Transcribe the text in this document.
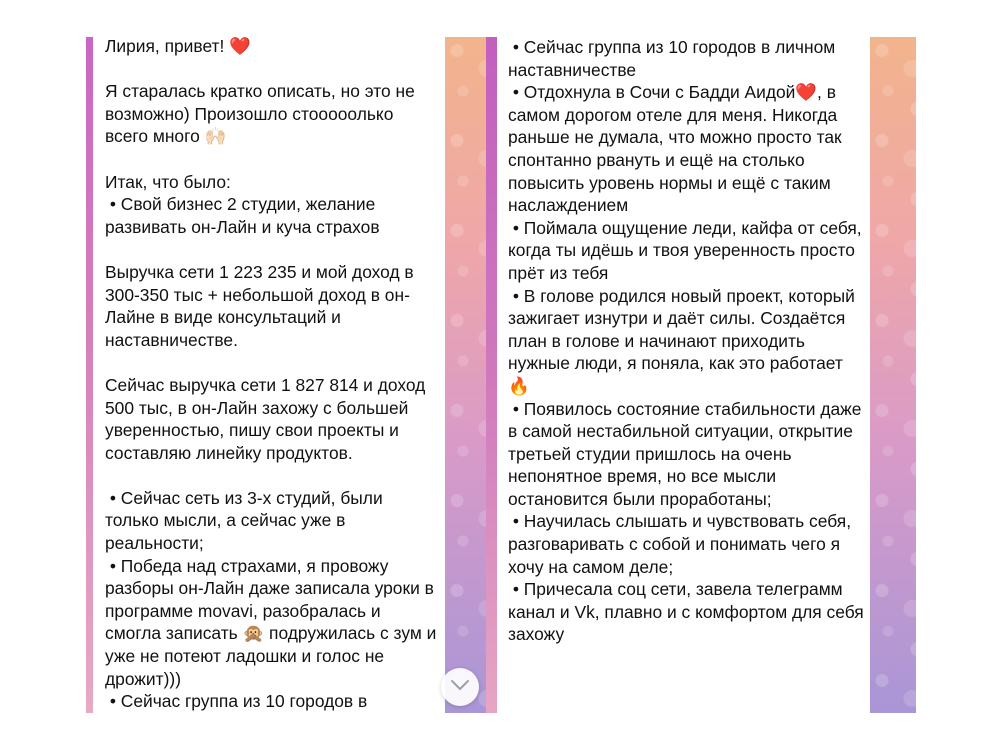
Лирия, привет! ❤️

Я старалась кратко описать, но это не возможно) Произошло стооооолько всего много 🙌🏻

Итак, что было:
• Свой бизнес 2 студии, желание развивать он-Лайн и куча страхов

Выручка сети 1 223 235 и мой доход в 300-350 тыс + небольшой доход в он-Лайне в виде консультаций и наставничестве.

Сейчас выручка сети 1 827 814 и доход 500 тыс, в он-Лайн захожу с большей уверенностью, пишу свои проекты и составляю линейку продуктов.

• Сейчас сеть из 3-х студий, были только мысли, а сейчас уже в реальности;
• Победа над страхами, я провожу разборы он-Лайн даже записала уроки в программе movavi, разобралась и смогла записать 🙊 подружилась с зум и уже не потеют ладошки и голос не дрожит)))
• Сейчас группа из 10 городов в

• Сейчас группа из 10 городов в личном наставничестве
• Отдохнула в Сочи с Бадди Аидой❤️, в самом дорогом отеле для меня. Никогда раньше не думала, что можно просто так спонтанно рвануть и ещё на столько повысить уровень нормы и ещё с таким наслаждением
• Поймала ощущение леди, кайфа от себя, когда ты идёшь и твоя уверенность просто прёт из тебя
• В голове родился новый проект, который зажигает изнутри и даёт силы. Создаётся план в голове и начинают приходить нужные люди, я поняла, как это работает 🔥
• Появилось состояние стабильности даже в самой нестабильной ситуации, открытие третьей студии пришлось на очень непонятное время, но все мысли остановится были проработаны;
• Научилась слышать и чувствовать себя, разговаривать с собой и понимать чего я хочу на самом деле;
• Причесала соц сети, завела телеграмм канал и Vk, плавно и с комфортом для себя захожу
